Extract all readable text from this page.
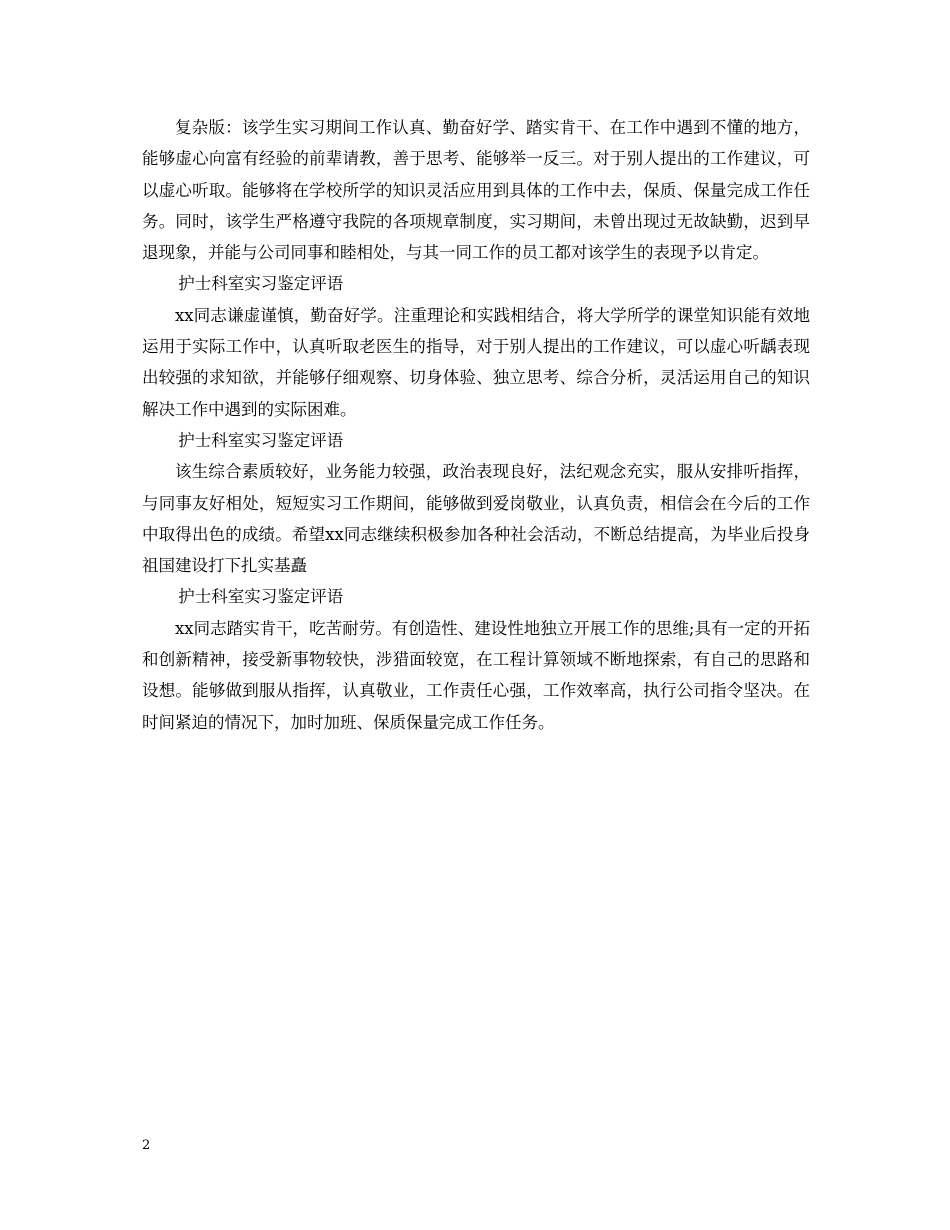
复杂版：该学生实习期间工作认真、勤奋好学、踏实肯干、在工作中遇到不懂的地方，能够虚心向富有经验的前辈请教，善于思考、能够举一反三。对于别人提出的工作建议，可以虚心听取。能够将在学校所学的知识灵活应用到具体的工作中去，保质、保量完成工作任务。同时，该学生严格遵守我院的各项规章制度，实习期间，未曾出现过无故缺勤，迟到早退现象，并能与公司同事和睦相处，与其一同工作的员工都对该学生的表现予以肯定。

护士科室实习鉴定评语

xx同志谦虚谨慎，勤奋好学。注重理论和实践相结合，将大学所学的课堂知识能有效地运用于实际工作中，认真听取老医生的指导，对于别人提出的工作建议，可以虚心听龋表现出较强的求知欲，并能够仔细观察、切身体验、独立思考、综合分析，灵活运用自己的知识解决工作中遇到的实际困难。

护士科室实习鉴定评语

该生综合素质较好，业务能力较强，政治表现良好，法纪观念充实，服从安排听指挥，与同事友好相处，短短实习工作期间，能够做到爱岗敬业，认真负责，相信会在今后的工作中取得出色的成绩。希望xx同志继续积极参加各种社会活动，不断总结提高，为毕业后投身祖国建设打下扎实基矗

护士科室实习鉴定评语

xx同志踏实肯干，吃苦耐劳。有创造性、建设性地独立开展工作的思维;具有一定的开拓和创新精神，接受新事物较快，涉猎面较宽，在工程计算领域不断地探索，有自己的思路和设想。能够做到服从指挥，认真敬业，工作责任心强，工作效率高，执行公司指令坚决。在时间紧迫的情况下，加时加班、保质保量完成工作任务。

2
